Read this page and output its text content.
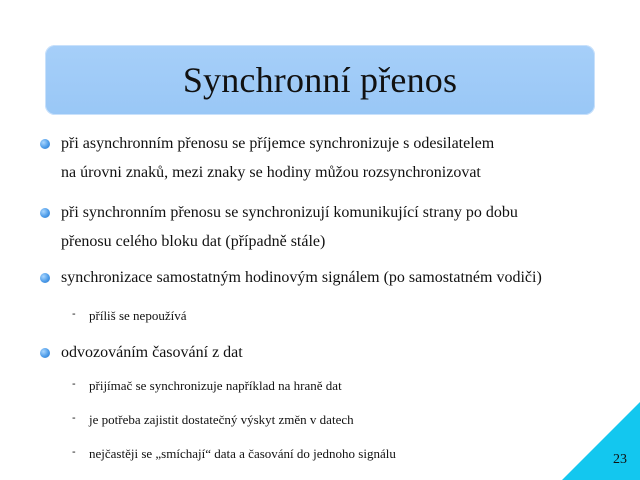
Synchronní přenos

při asynchronním přenosu se příjemce synchronizuje s odesilatelem

na úrovni znaků, mezi znaky se hodiny můžou rozsynchronizovat

při synchronním přenosu se synchronizují komunikující strany po dobu

přenosu celého bloku dat (případně stále)

synchronizace samostatným hodinovým signálem (po samostatném vodiči)

- příliš se nepoužívá

odvozováním časování z dat

- přijímač se synchronizuje například na hraně dat

- je potřeba zajistit dostatečný výskyt změn v datech

- nejčastěji se „smíchají“ data a časování do jednoho signálu	23
